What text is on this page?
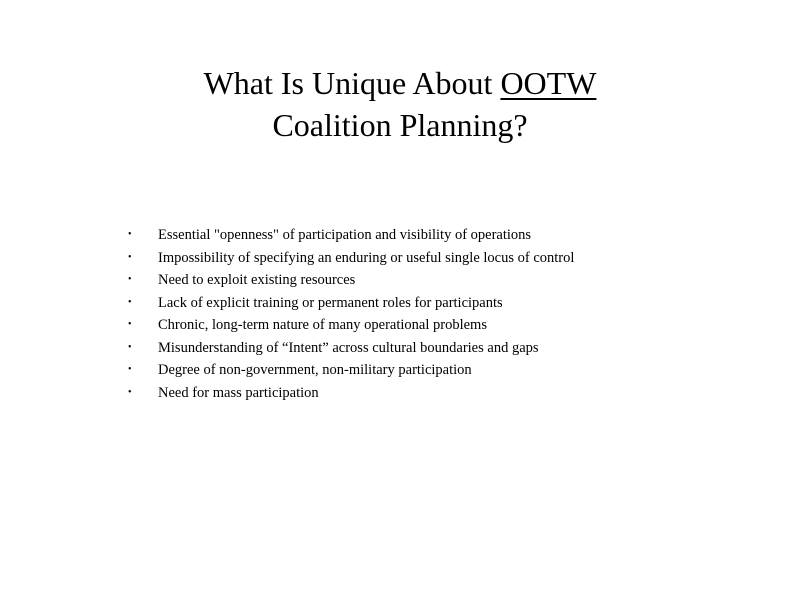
What Is Unique About OOTW
Coalition Planning?
• Essential "openness" of participation and visibility of operations
• Impossibility of specifying an enduring or useful single locus of control
• Need to exploit existing resources
• Lack of explicit training or permanent roles for participants
• Chronic, long-term nature of many operational problems
• Misunderstanding of “Intent” across cultural boundaries and gaps
• Degree of non-government, non-military participation
• Need for mass participation
